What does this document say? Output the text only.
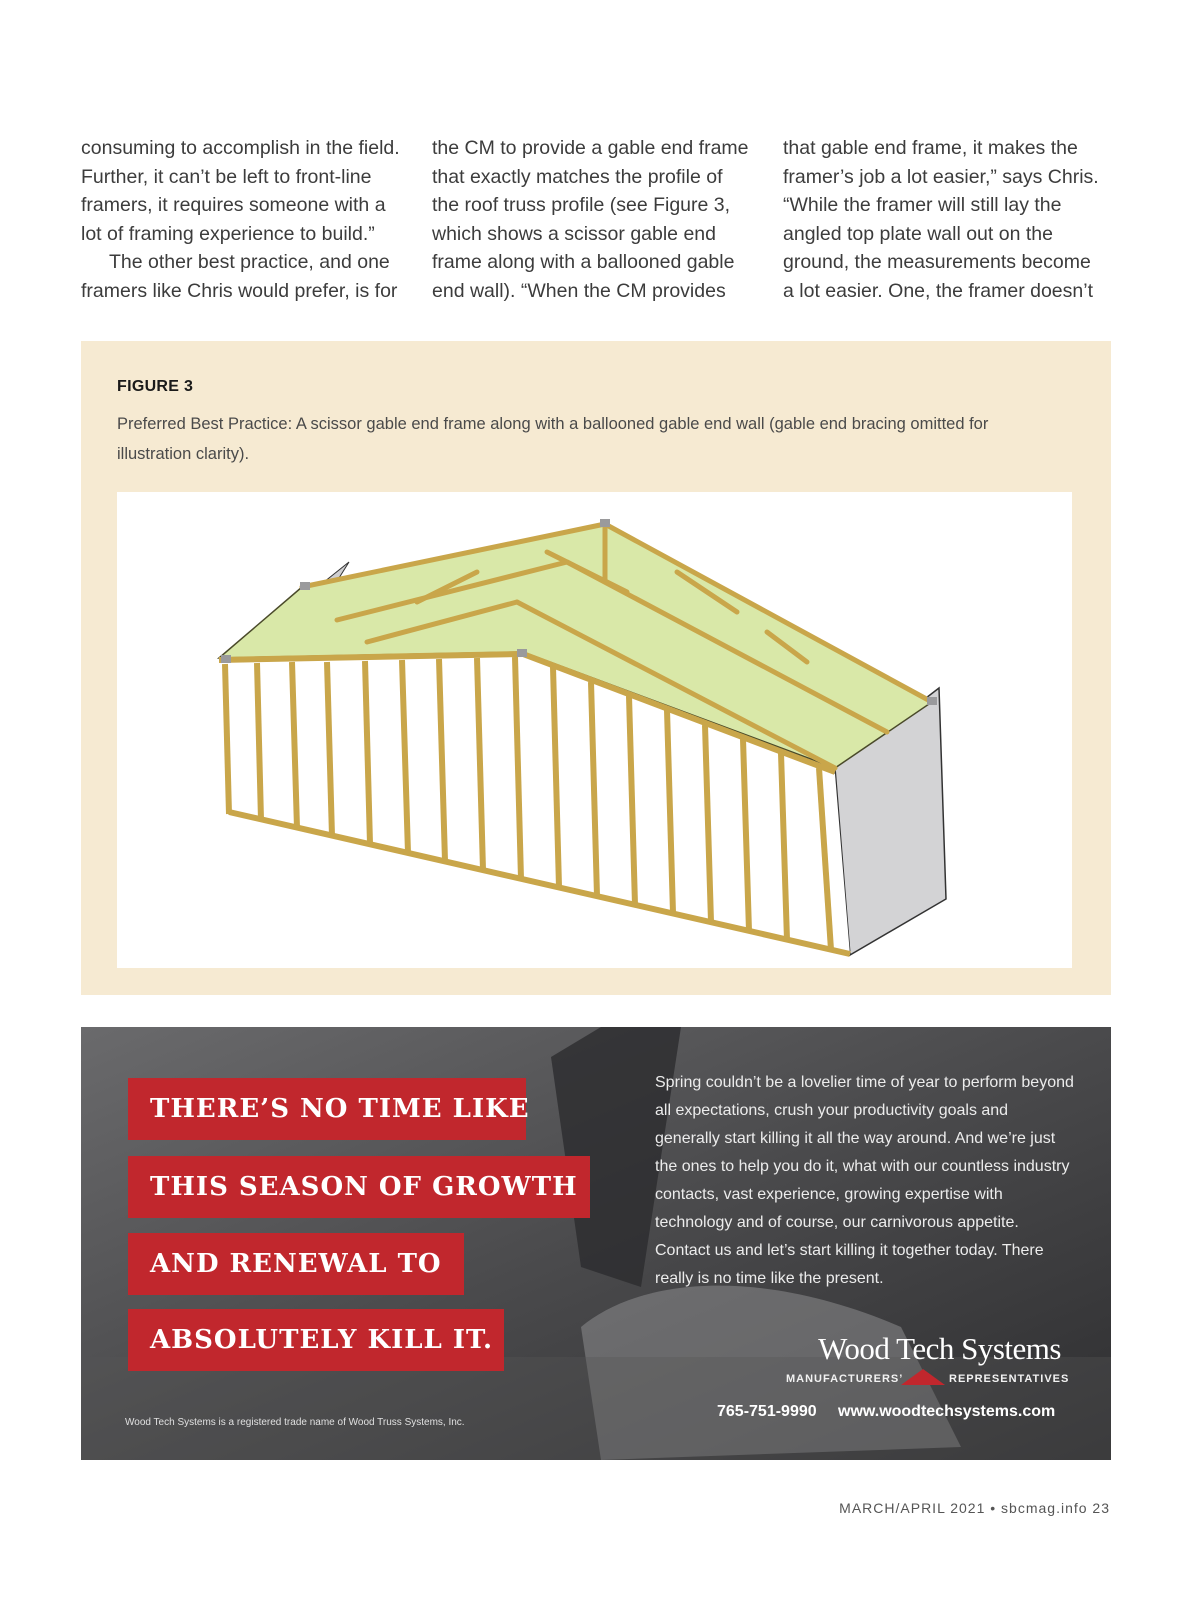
consuming to accomplish in the field. Further, it can’t be left to front-line framers, it requires someone with a lot of framing experience to build.”

The other best practice, and one framers like Chris would prefer, is for

the CM to provide a gable end frame that exactly matches the profile of the roof truss profile (see Figure 3, which shows a scissor gable end frame along with a ballooned gable end wall). “When the CM provides

that gable end frame, it makes the framer’s job a lot easier,” says Chris. “While the framer will still lay the angled top plate wall out on the ground, the measurements become a lot easier. One, the framer doesn’t

FIGURE 3
Preferred Best Practice: A scissor gable end frame along with a ballooned gable end wall (gable end bracing omitted for illustration clarity).
THERE’S NO TIME LIKE
THIS SEASON OF GROWTH
AND RENEWAL TO
ABSOLUTELY KILL IT.
Spring couldn’t be a lovelier time of year to perform beyond all expectations, crush your productivity goals and generally start killing it all the way around. And we’re just the ones to help you do it, what with our countless industry contacts, vast experience, growing expertise with technology and of course, our carnivorous appetite. Contact us and let’s start killing it together today. There really is no time like the present.
Wood Tech Systems
MANUFACTURERS’	REPRESENTATIVES
765-751-9990 www.woodtechsystems.com
Wood Tech Systems is a registered trade name of Wood Truss Systems, Inc.
MARCH/APRIL 2021 • sbcmag.info 23
